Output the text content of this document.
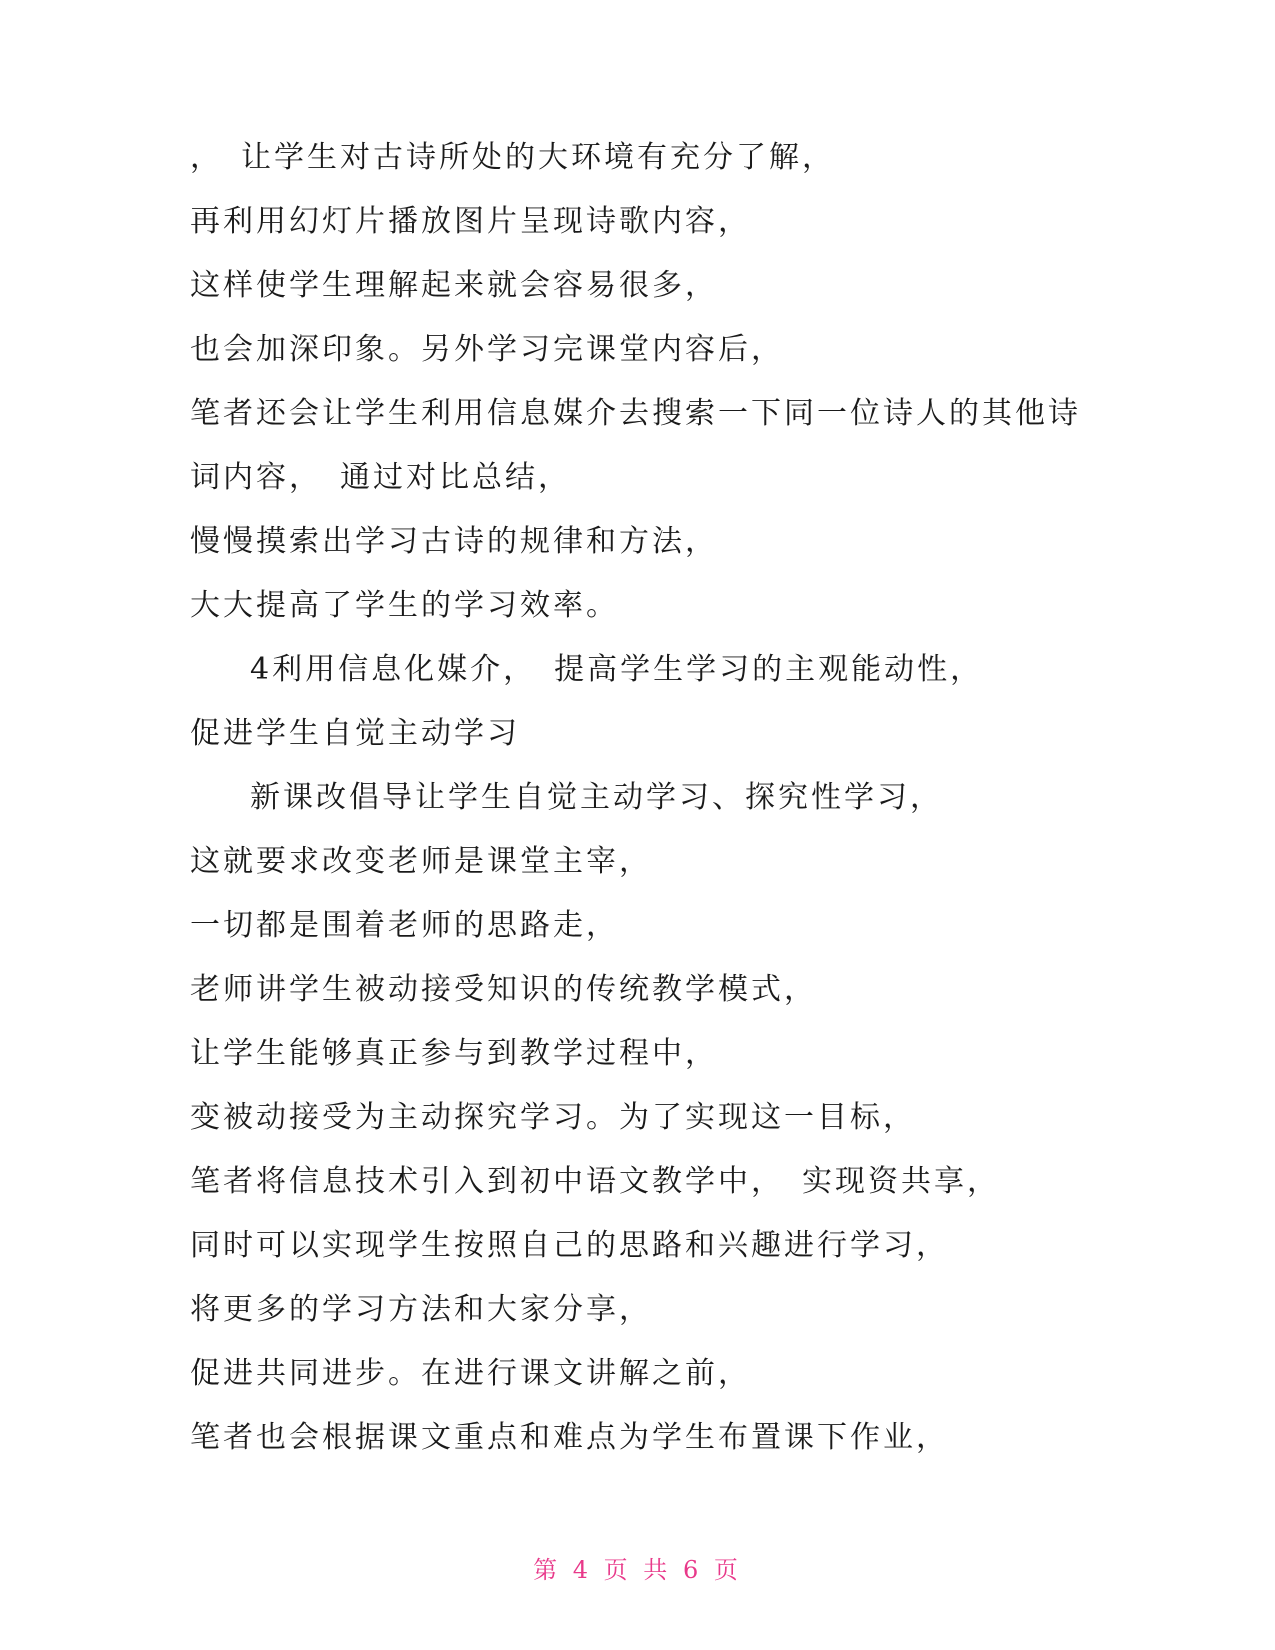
，　让学生对古诗所处的大环境有充分了解，
再利用幻灯片播放图片呈现诗歌内容，
这样使学生理解起来就会容易很多，
也会加深印象。另外学习完课堂内容后，
笔者还会让学生利用信息媒介去搜索一下同一位诗人的其他诗
词内容，　通过对比总结，
慢慢摸索出学习古诗的规律和方法，
大大提高了学生的学习效率。
4利用信息化媒介，　提高学生学习的主观能动性，
促进学生自觉主动学习
新课改倡导让学生自觉主动学习、探究性学习，
这就要求改变老师是课堂主宰，
一切都是围着老师的思路走，
老师讲学生被动接受知识的传统教学模式，
让学生能够真正参与到教学过程中，
变被动接受为主动探究学习。为了实现这一目标，
笔者将信息技术引入到初中语文教学中，　实现资共享，
同时可以实现学生按照自己的思路和兴趣进行学习，
将更多的学习方法和大家分享，
促进共同进步。在进行课文讲解之前，
笔者也会根据课文重点和难点为学生布置课下作业，
第 4 页 共 6 页
